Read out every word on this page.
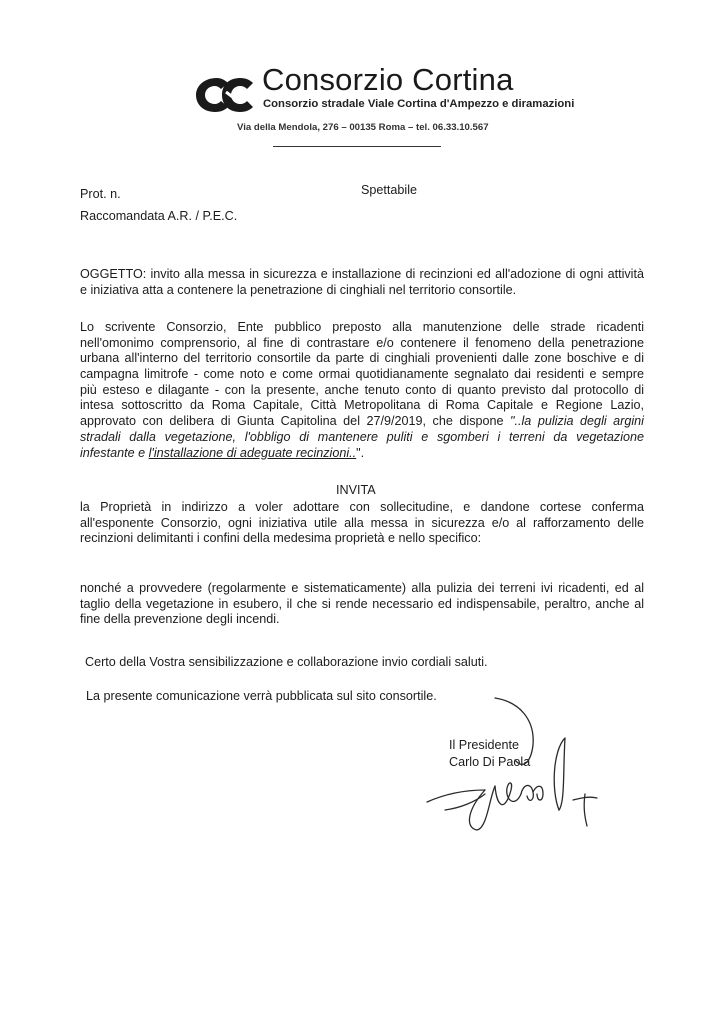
Consorzio Cortina
Consorzio stradale Viale Cortina d'Ampezzo e diramazioni
Via della Mendola, 276 – 00135 Roma – tel. 06.33.10.567
Prot. n.
Raccomandata A.R. / P.E.C.
Spettabile
OGGETTO: invito alla messa in sicurezza e installazione di recinzioni ed all'adozione di ogni attività
e iniziativa atta a contenere la penetrazione di cinghiali nel territorio consortile.
Lo scrivente Consorzio, Ente pubblico preposto alla manutenzione delle strade ricadenti
nell'omonimo comprensorio, al fine di contrastare e/o contenere il fenomeno della penetrazione
urbana all'interno del territorio consortile da parte di cinghiali provenienti dalle zone boschive e di
campagna limitrofe - come noto e come ormai quotidianamente segnalato dai residenti e sempre
più esteso e dilagante - con la presente, anche tenuto conto di quanto previsto dal protocollo di
intesa sottoscritto da Roma Capitale, Città Metropolitana di Roma Capitale e Regione Lazio,
approvato con delibera di Giunta Capitolina del 27/9/2019, che dispone "..la pulizia degli argini
stradali dalla vegetazione, l'obbligo di mantenere puliti e sgomberi i terreni da vegetazione
infestante e l'installazione di adeguate recinzioni..".
INVITA
la Proprietà in indirizzo a voler adottare con sollecitudine, e dandone cortese conferma
all'esponente Consorzio, ogni iniziativa utile alla messa in sicurezza e/o al rafforzamento delle
recinzioni delimitanti i confini della medesima proprietà e nello specifico:
nonché a provvedere (regolarmente e sistematicamente) alla pulizia dei terreni ivi ricadenti, ed al
taglio della vegetazione in esubero, il che si rende necessario ed indispensabile, peraltro, anche al
fine della prevenzione degli incendi.
Certo della Vostra sensibilizzazione e collaborazione invio cordiali saluti.
La presente comunicazione verrà pubblicata sul sito consortile.
Il Presidente
Carlo Di Paola
